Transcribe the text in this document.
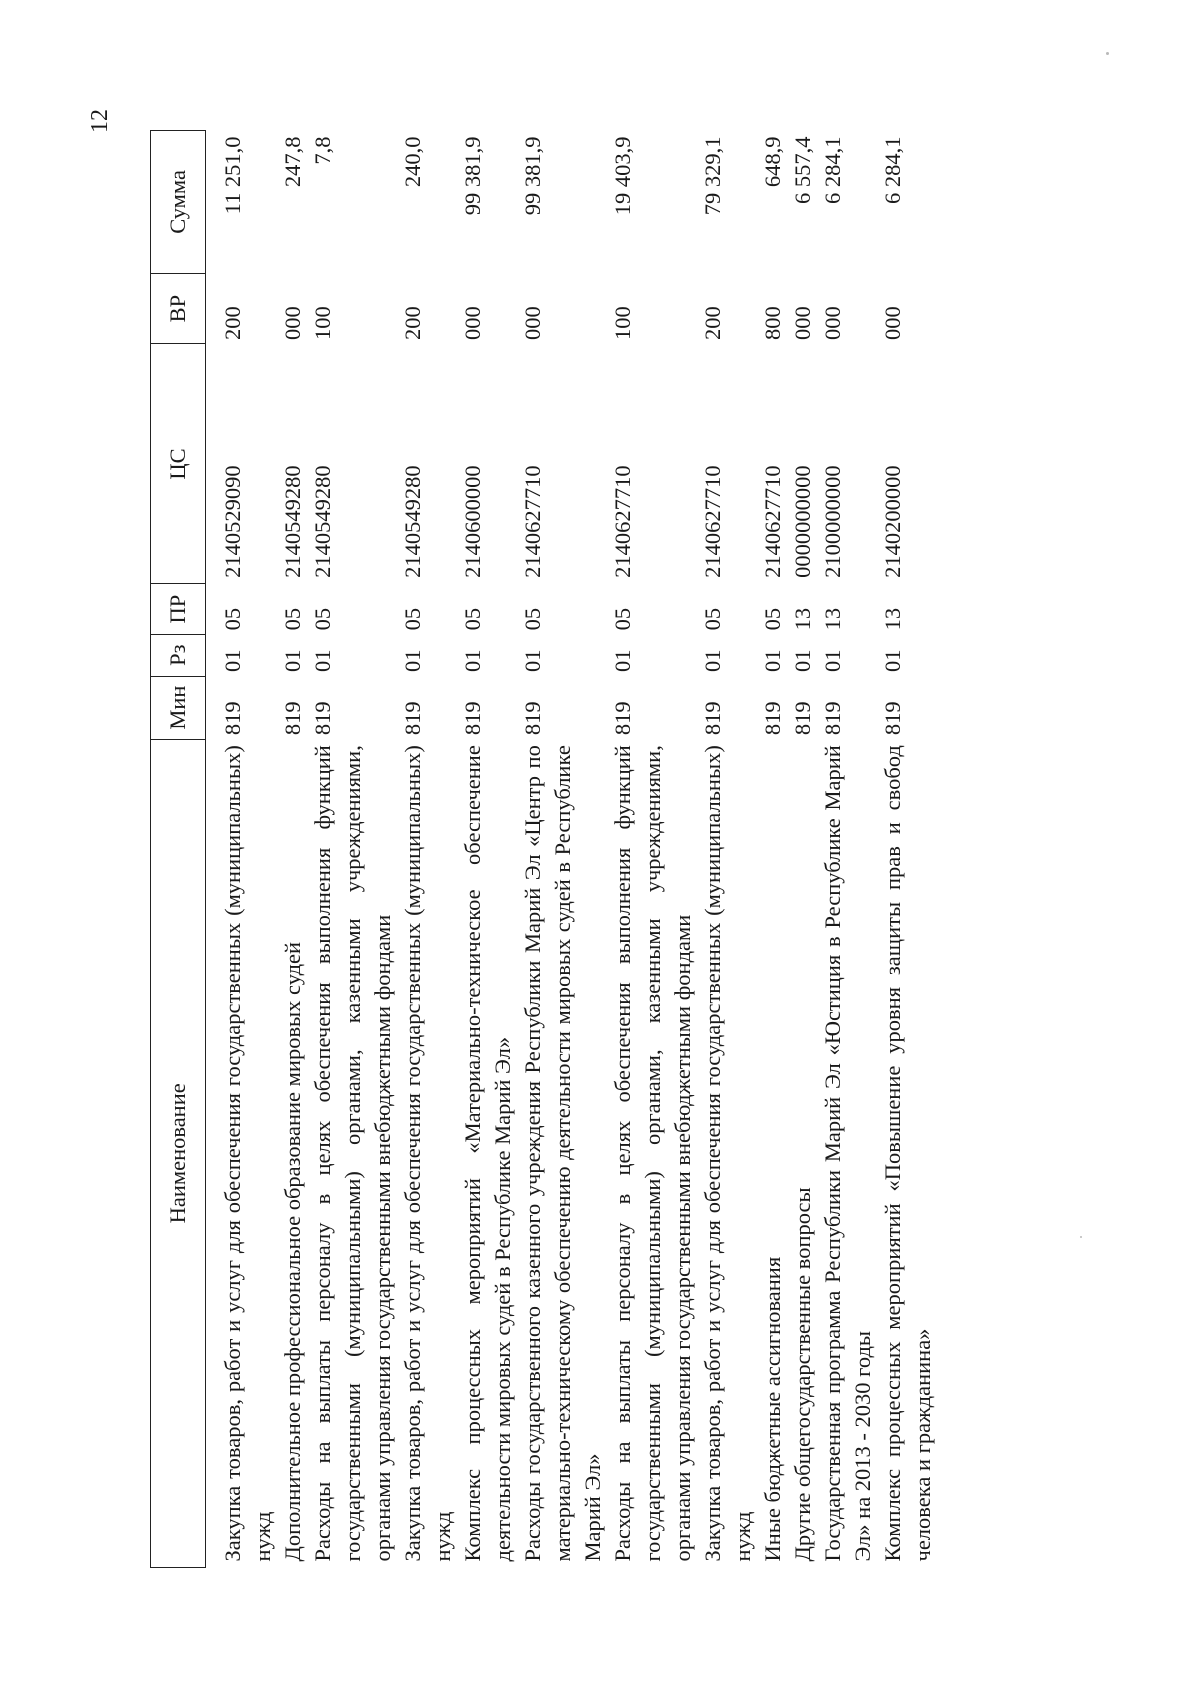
12
Наименование	Мин	Рз	ПР	ЦС	ВР	Сумма
Закупка товаров, работ и услуг для обеспечения государственных (муниципальных) нужд	819	01	05	2140529090	200	11 251,0
Дополнительное профессиональное образование мировых судей	819	01	05	2140549280	000	247,8
Расходы на выплаты персоналу в целях обеспечения выполнения функций государственными (муниципальными) органами, казенными учреждениями, органами управления государственными внебюджетными фондами	819	01	05	2140549280	100	7,8
Закупка товаров, работ и услуг для обеспечения государственных (муниципальных) нужд	819	01	05	2140549280	200	240,0
Комплекс процессных мероприятий «Материально-техническое обеспечение деятельности мировых судей в Республике Марий Эл»	819	01	05	2140600000	000	99 381,9
Расходы государственного казенного учреждения Республики Марий Эл «Центр по материально-техническому обеспечению деятельности мировых судей в Республике Марий Эл»	819	01	05	2140627710	000	99 381,9
Расходы на выплаты персоналу в целях обеспечения выполнения функций государственными (муниципальными) органами, казенными учреждениями, органами управления государственными внебюджетными фондами	819	01	05	2140627710	100	19 403,9
Закупка товаров, работ и услуг для обеспечения государственных (муниципальных) нужд	819	01	05	2140627710	200	79 329,1
Иные бюджетные ассигнования	819	01	05	2140627710	800	648,9
Другие общегосударственные вопросы	819	01	13	0000000000	000	6 557,4
Государственная программа Республики Марий Эл «Юстиция в Республике Марий Эл» на 2013 - 2030 годы	819	01	13	2100000000	000	6 284,1
Комплекс процессных мероприятий «Повышение уровня защиты прав и свобод человека и гражданина»	819	01	13	2140200000	000	6 284,1
